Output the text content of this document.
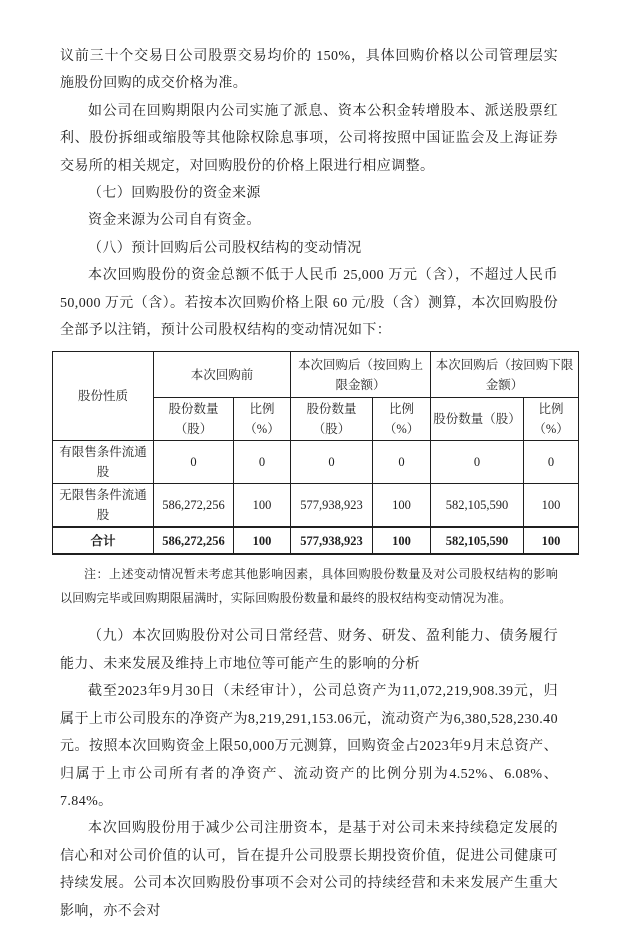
议前三十个交易日公司股票交易均价的 150%，具体回购价格以公司管理层实施股份回购的成交价格为准。

如公司在回购期限内公司实施了派息、资本公积金转增股本、派送股票红利、股份拆细或缩股等其他除权除息事项，公司将按照中国证监会及上海证券交易所的相关规定，对回购股份的价格上限进行相应调整。

（七）回购股份的资金来源

资金来源为公司自有资金。

（八）预计回购后公司股权结构的变动情况

本次回购股份的资金总额不低于人民币 25,000 万元（含），不超过人民币 50,000 万元（含）。若按本次回购价格上限 60 元/股（含）测算，本次回购股份全部予以注销，预计公司股权结构的变动情况如下：

股份性质	本次回购前		本次回购后（按回购上限金额）		本次回购后（按回购下限金额）	
	股份数量（股）	比例（%）	股份数量（股）	比例（%）	股份数量（股）	比例（%）
有限售条件流通股	0	0	0	0	0	0
无限售条件流通股	586,272,256	100	577,938,923	100	582,105,590	100
合计	586,272,256	100	577,938,923	100	582,105,590	100

注：上述变动情况暂未考虑其他影响因素，具体回购股份数量及对公司股权结构的影响以回购完毕或回购期限届满时，实际回购股份数量和最终的股权结构变动情况为准。

（九）本次回购股份对公司日常经营、财务、研发、盈利能力、债务履行能力、未来发展及维持上市地位等可能产生的影响的分析

截至2023年9月30日（未经审计），公司总资产为11,072,219,908.39元，归属于上市公司股东的净资产为8,219,291,153.06元，流动资产为6,380,528,230.40元。按照本次回购资金上限50,000万元测算，回购资金占2023年9月末总资产、归属于上市公司所有者的净资产、流动资产的比例分别为4.52%、6.08%、7.84%。

本次回购股份用于减少公司注册资本，是基于对公司未来持续稳定发展的信心和对公司价值的认可，旨在提升公司股票长期投资价值，促进公司健康可持续发展。公司本次回购股份事项不会对公司的持续经营和未来发展产生重大影响，亦不会对
